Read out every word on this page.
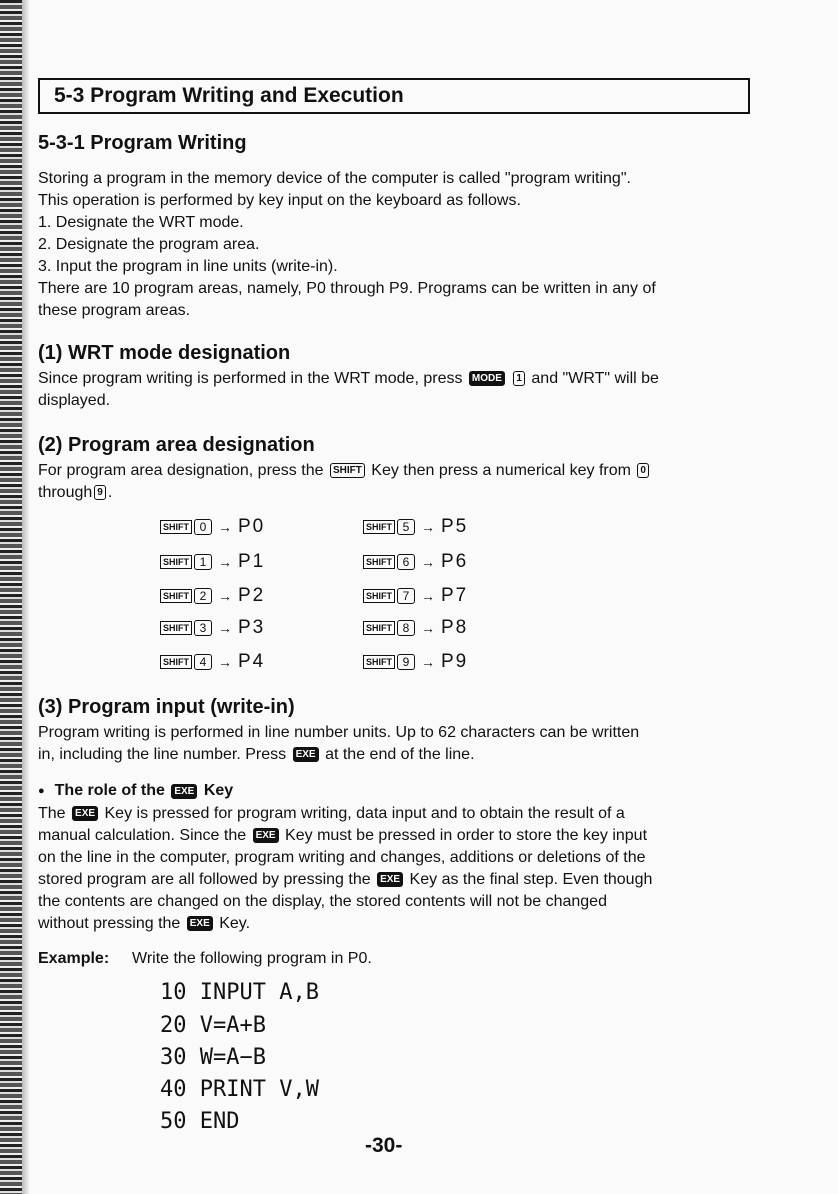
5-3 Program Writing and Execution
5-3-1 Program Writing
Storing a program in the memory device of the computer is called "program writing".
This operation is performed by key input on the keyboard as follows.
1. Designate the WRT mode.
2. Designate the program area.
3. Input the program in line units (write-in).
There are 10 program areas, namely, P0 through P9. Programs can be written in any of
these program areas.
(1) WRT mode designation
Since program writing is performed in the WRT mode, press MODE 1 and "WRT" will be
displayed.
(2) Program area designation
For program area designation, press the SHIFT Key then press a numerical key from 0
through 9 .
SHIFT 0 → P0
SHIFT 1 → P1
SHIFT 2 → P2
SHIFT 3 → P3
SHIFT 4 → P4
SHIFT 5 → P5
SHIFT 6 → P6
SHIFT 7 → P7
SHIFT 8 → P8
SHIFT 9 → P9
(3) Program input (write-in)
Program writing is performed in line number units. Up to 62 characters can be written
in, including the line number. Press EXE at the end of the line.
● The role of the EXE Key
The EXE Key is pressed for program writing, data input and to obtain the result of a
manual calculation. Since the EXE Key must be pressed in order to store the key input
on the line in the computer, program writing and changes, additions or deletions of the
stored program are all followed by pressing the EXE Key as the final step. Even though
the contents are changed on the display, the stored contents will not be changed
without pressing the EXE Key.
Example: Write the following program in P0.
10 INPUT A,B
20 V=A+B
30 W=A−B
40 PRINT V,W
50 END
-30-
